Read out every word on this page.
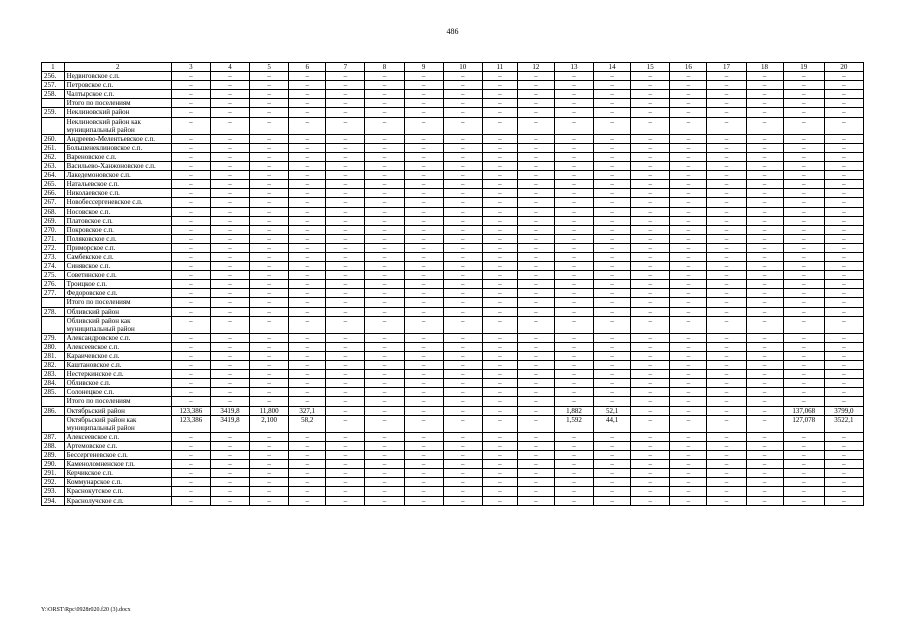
486
1	2	3	4	5	6	7	8	9	10	11	12	13	14	15	16	17	18	19	20
256.	Недвиговское с.п.	–	–	–	–	–	–	–	–	–	–	–	–	–	–	–	–	–	–
257.	Петровское с.п.	–	–	–	–	–	–	–	–	–	–	–	–	–	–	–	–	–	–
258.	Чалтырское с.п.	–	–	–	–	–	–	–	–	–	–	–	–	–	–	–	–	–	–
	Итого по поселениям	–	–	–	–	–	–	–	–	–	–	–	–	–	–	–	–	–	–
259.	Неклиновский район	–	–	–	–	–	–	–	–	–	–	–	–	–	–	–	–	–	–
	Неклиновский район как муниципальный район	–	–	–	–	–	–	–	–	–	–	–	–	–	–	–	–	–	–
260.	Андреево-Мелентьевское с.п.	–	–	–	–	–	–	–	–	–	–	–	–	–	–	–	–	–	–
261.	Большенеклиновское с.п.	–	–	–	–	–	–	–	–	–	–	–	–	–	–	–	–	–	–
262.	Вареновское с.п.	–	–	–	–	–	–	–	–	–	–	–	–	–	–	–	–	–	–
263.	Васильево-Ханжоновское с.п.	–	–	–	–	–	–	–	–	–	–	–	–	–	–	–	–	–	–
264.	Лакедемоновское с.п.	–	–	–	–	–	–	–	–	–	–	–	–	–	–	–	–	–	–
265.	Натальевское с.п.	–	–	–	–	–	–	–	–	–	–	–	–	–	–	–	–	–	–
266.	Николаевское с.п.	–	–	–	–	–	–	–	–	–	–	–	–	–	–	–	–	–	–
267.	Новобессергеневское с.п.	–	–	–	–	–	–	–	–	–	–	–	–	–	–	–	–	–	–
268.	Носовское с.п.	–	–	–	–	–	–	–	–	–	–	–	–	–	–	–	–	–	–
269.	Платовское с.п.	–	–	–	–	–	–	–	–	–	–	–	–	–	–	–	–	–	–
270.	Покровское с.п.	–	–	–	–	–	–	–	–	–	–	–	–	–	–	–	–	–	–
271.	Поляковское с.п.	–	–	–	–	–	–	–	–	–	–	–	–	–	–	–	–	–	–
272.	Приморское с.п.	–	–	–	–	–	–	–	–	–	–	–	–	–	–	–	–	–	–
273.	Самбекское с.п.	–	–	–	–	–	–	–	–	–	–	–	–	–	–	–	–	–	–
274.	Синявское с.п.	–	–	–	–	–	–	–	–	–	–	–	–	–	–	–	–	–	–
275.	Советинское с.п.	–	–	–	–	–	–	–	–	–	–	–	–	–	–	–	–	–	–
276.	Троицкое с.п.	–	–	–	–	–	–	–	–	–	–	–	–	–	–	–	–	–	–
277.	Федоровское с.п.	–	–	–	–	–	–	–	–	–	–	–	–	–	–	–	–	–	–
	Итого по поселениям	–	–	–	–	–	–	–	–	–	–	–	–	–	–	–	–	–	–
278.	Обливский район	–	–	–	–	–	–	–	–	–	–	–	–	–	–	–	–	–	–
	Обливский район как муниципальный район	–	–	–	–	–	–	–	–	–	–	–	–	–	–	–	–	–	–
279.	Александровское с.п.	–	–	–	–	–	–	–	–	–	–	–	–	–	–	–	–	–	–
280.	Алексеевское с.п.	–	–	–	–	–	–	–	–	–	–	–	–	–	–	–	–	–	–
281.	Караичевское с.п.	–	–	–	–	–	–	–	–	–	–	–	–	–	–	–	–	–	–
282.	Каштановское с.п.	–	–	–	–	–	–	–	–	–	–	–	–	–	–	–	–	–	–
283.	Нестеркинское с.п.	–	–	–	–	–	–	–	–	–	–	–	–	–	–	–	–	–	–
284.	Обливское с.п.	–	–	–	–	–	–	–	–	–	–	–	–	–	–	–	–	–	–
285.	Солонецкое с.п.	–	–	–	–	–	–	–	–	–	–	–	–	–	–	–	–	–	–
	Итого по поселениям	–	–	–	–	–	–	–	–	–	–	–	–	–	–	–	–	–	–
286.	Октябрьский район	123,386	3419,8	11,800	327,1	–	–	–	–	–	–	1,882	52,1	–	–	–	–	137,068	3799,0
	Октябрьский район как муниципальный район	123,386	3419,8	2,100	58,2	–	–	–	–	–	–	1,592	44,1	–	–	–	–	127,078	3522,1
287.	Алексеевское с.п.	–	–	–	–	–	–	–	–	–	–	–	–	–	–	–	–	–	–
288.	Артемовское с.п.	–	–	–	–	–	–	–	–	–	–	–	–	–	–	–	–	–	–
289.	Бессергеневское с.п.	–	–	–	–	–	–	–	–	–	–	–	–	–	–	–	–	–	–
290.	Каменоломненское г.п.	–	–	–	–	–	–	–	–	–	–	–	–	–	–	–	–	–	–
291.	Керчикское с.п.	–	–	–	–	–	–	–	–	–	–	–	–	–	–	–	–	–	–
292.	Коммунарское с.п.	–	–	–	–	–	–	–	–	–	–	–	–	–	–	–	–	–	–
293.	Краснокутское с.п.	–	–	–	–	–	–	–	–	–	–	–	–	–	–	–	–	–	–
294.	Краснолучское с.п.	–	–	–	–	–	–	–	–	–	–	–	–	–	–	–	–	–	–
Y:\ORST\Rpc\0928r020.f20 (3).docx
